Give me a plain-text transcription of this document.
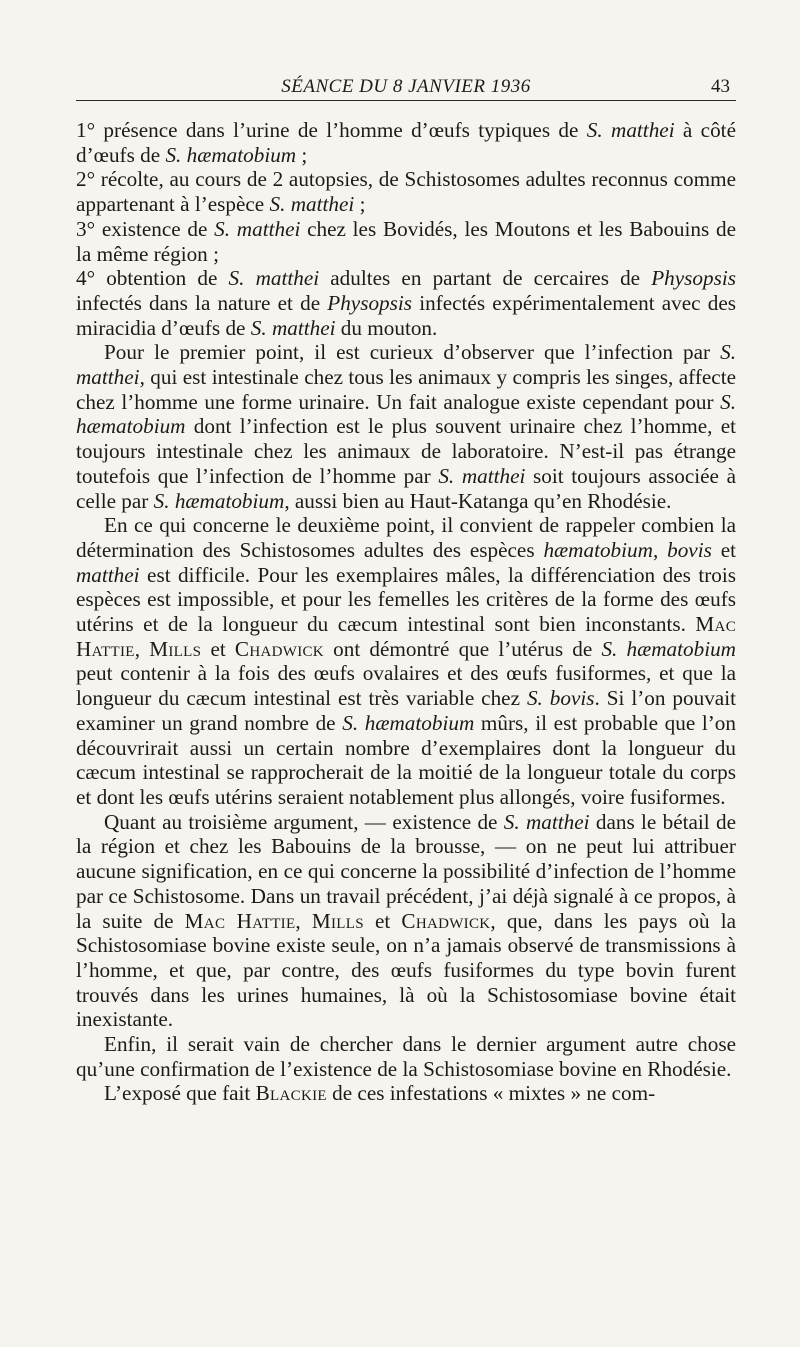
SÉANCE DU 8 JANVIER 1936	43

1° présence dans l’urine de l’homme d’œufs typiques de S. matthei à côté d’œufs de S. hæmatobium ;

2° récolte, au cours de 2 autopsies, de Schistosomes adultes reconnus comme appartenant à l’espèce S. matthei ;

3° existence de S. matthei chez les Bovidés, les Moutons et les Babouins de la même région ;

4° obtention de S. matthei adultes en partant de cercaires de Physopsis infectés dans la nature et de Physopsis infectés expérimentalement avec des miracidia d’œufs de S. matthei du mouton.

Pour le premier point, il est curieux d’observer que l’infection par S. matthei, qui est intestinale chez tous les animaux y compris les singes, affecte chez l’homme une forme urinaire. Un fait analogue existe cependant pour S. hæmatobium dont l’infection est le plus souvent urinaire chez l’homme, et toujours intestinale chez les animaux de laboratoire. N’est-il pas étrange toutefois que l’infection de l’homme par S. matthei soit toujours associée à celle par S. hæmatobium, aussi bien au Haut-Katanga qu’en Rhodésie.

En ce qui concerne le deuxième point, il convient de rappeler combien la détermination des Schistosomes adultes des espèces hæmatobium, bovis et matthei est difficile. Pour les exemplaires mâles, la différenciation des trois espèces est impossible, et pour les femelles les critères de la forme des œufs utérins et de la longueur du cæcum intestinal sont bien inconstants. Mac Hattie, Mills et Chadwick ont démontré que l’utérus de S. hæmatobium peut contenir à la fois des œufs ovalaires et des œufs fusiformes, et que la longueur du cæcum intestinal est très variable chez S. bovis. Si l’on pouvait examiner un grand nombre de S. hæmatobium mûrs, il est probable que l’on découvrirait aussi un certain nombre d’exemplaires dont la longueur du cæcum intestinal se rapprocherait de la moitié de la longueur totale du corps et dont les œufs utérins seraient notablement plus allongés, voire fusiformes.

Quant au troisième argument, — existence de S. matthei dans le bétail de la région et chez les Babouins de la brousse, — on ne peut lui attribuer aucune signification, en ce qui concerne la possibilité d’infection de l’homme par ce Schistosome. Dans un travail précédent, j’ai déjà signalé à ce propos, à la suite de Mac Hattie, Mills et Chadwick, que, dans les pays où la Schistosomiase bovine existe seule, on n’a jamais observé de transmissions à l’homme, et que, par contre, des œufs fusiformes du type bovin furent trouvés dans les urines humaines, là où la Schistosomiase bovine était inexistante.

Enfin, il serait vain de chercher dans le dernier argument autre chose qu’une confirmation de l’existence de la Schistosomiase bovine en Rhodésie.

L’exposé que fait Blackie de ces infestations « mixtes » ne com-
